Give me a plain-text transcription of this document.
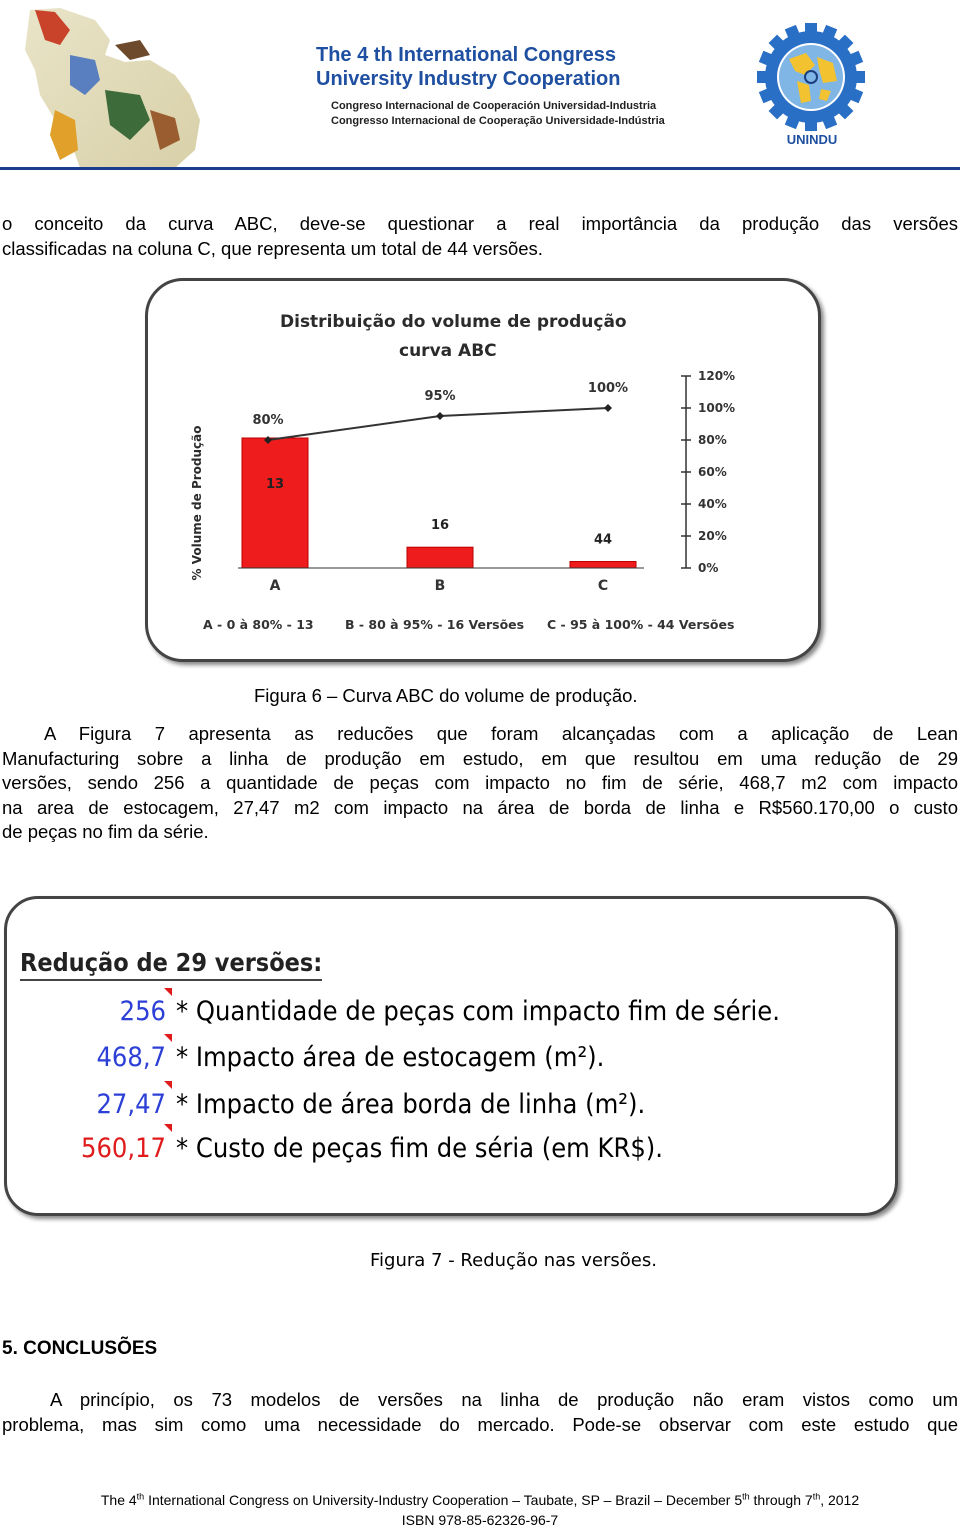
The 4 th International Congress
University Industry Cooperation
Congreso Internacional de Cooperación Universidad-Industria
Congresso Internacional de Cooperação Universidade-Indústria
UNINDU
o conceito da curva ABC, deve-se questionar a real importância da produção das versões
classificadas na coluna C, que representa um total de 44 versões.
Distribuição do volume de produção
curva ABC
% Volume de Produção	0%
20%
40%
60%
80%
100%
120%
13
A
16
B
44
C
80%
95%
100%
A - 0 à 80% - 13	B - 80 à 95% - 16 Versões C - 95 à 100% - 44 Versões
Figura 6 – Curva ABC do volume de produção.
A Figura 7 apresenta as reducões que foram alcançadas com a aplicação de Lean
Manufacturing sobre a linha de produção em estudo, em que resultou em uma redução de 29
versões, sendo 256 a quantidade de peças com impacto no fim de série, 468,7 m2 com impacto
na area de estocagem, 27,47 m2 com impacto na área de borda de linha e R$560.170,00 o custo
de peças no fim da série.
Redução de 29 versões:
256 * Quantidade de peças com impacto fim de série.
468,7 * Impacto área de estocagem (m²).
27,47 * Impacto de área borda de linha (m²).
560,17 * Custo de peças fim de séria (em KR$).
Figura 7 - Redução nas versões.
5. CONCLUSÕES
A princípio, os 73 modelos de versões na linha de produção não eram vistos como um
problema, mas sim como uma necessidade do mercado. Pode-se observar com este estudo que
The 4th International Congress on University-Industry Cooperation – Taubate, SP – Brazil – December 5th through 7th, 2012
ISBN 978-85-62326-96-7
